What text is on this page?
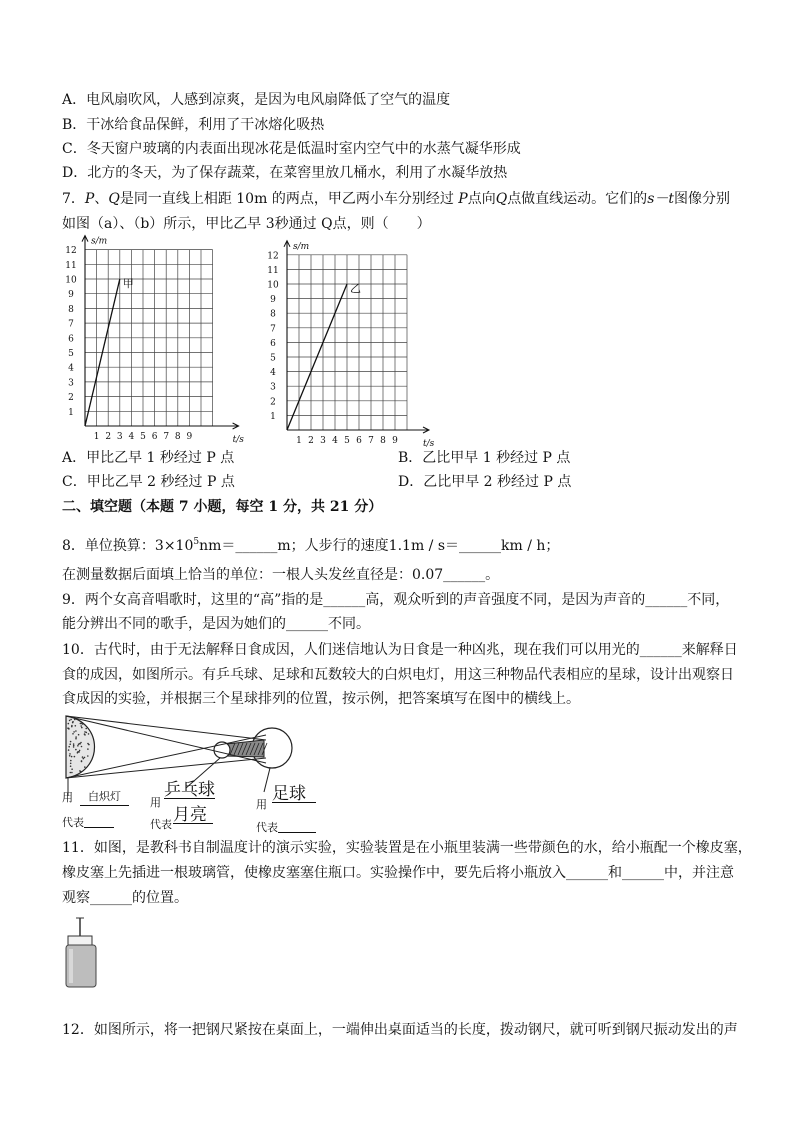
A．电风扇吹风，人感到凉爽，是因为电风扇降低了空气的温度
B．干冰给食品保鲜，利用了干冰熔化吸热
C．冬天窗户玻璃的内表面出现冰花是低温时室内空气中的水蒸气凝华形成
D．北方的冬天，为了保存蔬菜，在菜窖里放几桶水，利用了水凝华放热
7．P、Q是同一直线上相距 10m 的两点，甲乙两小车分别经过 P点向Q点做直线运动。它们的s－t图像分别
如图（a）、（b）所示，甲比乙早 3秒通过 Q点，则（　　）
1
2
3
4
5
6
7
8
9
10
11
12
1 2 3 4 5 6 7 8 9
s/m
t/s
甲
1
2
3
4
5
6
7
8
9
10
11
12
1 2 3 4 5 6 7 8 9
s/m
t/s
乙
A．甲比乙早 1 秒经过 P 点	B．乙比甲早 1 秒经过 P 点
C．甲比乙早 2 秒经过 P 点	D．乙比甲早 2 秒经过 P 点
二、填空题（本题 7 小题，每空 1 分，共 21 分）
8．单位换算：$3\times 10^5nm=\_\_\_\_\_\_m$；人步行的速度1.1m / s＝______km / h；
在测量数据后面填上恰当的单位：一根人头发丝直径是：0.07______。
9．两个女高音唱歌时，这里的“高”指的是______高，观众听到的声音强度不同，是因为声音的______不同，
能分辨出不同的歌手，是因为她们的______不同。
10．古代时，由于无法解释日食成因，人们迷信地认为日食是一种凶兆，现在我们可以用光的______来解释日
食的成因，如图所示。有乒乓球、足球和瓦数较大的白炽电灯，用这三种物品代表相应的星球，设计出观察日
食成因的实验，并根据三个星球排列的位置，按示例，把答案填写在图中的横线上。
用	白炽灯
代表
用
乒乓球
代表 月亮
用
足球
代表
11．如图，是教科书自制温度计的演示实验，实验装置是在小瓶里装满一些带颜色的水，给小瓶配一个橡皮塞，
橡皮塞上先插进一根玻璃管，使橡皮塞塞住瓶口。实验操作中，要先后将小瓶放入______和______中，并注意
观察______的位置。
12．如图所示，将一把钢尺紧按在桌面上，一端伸出桌面适当的长度，拨动钢尺，就可听到钢尺振动发出的声
